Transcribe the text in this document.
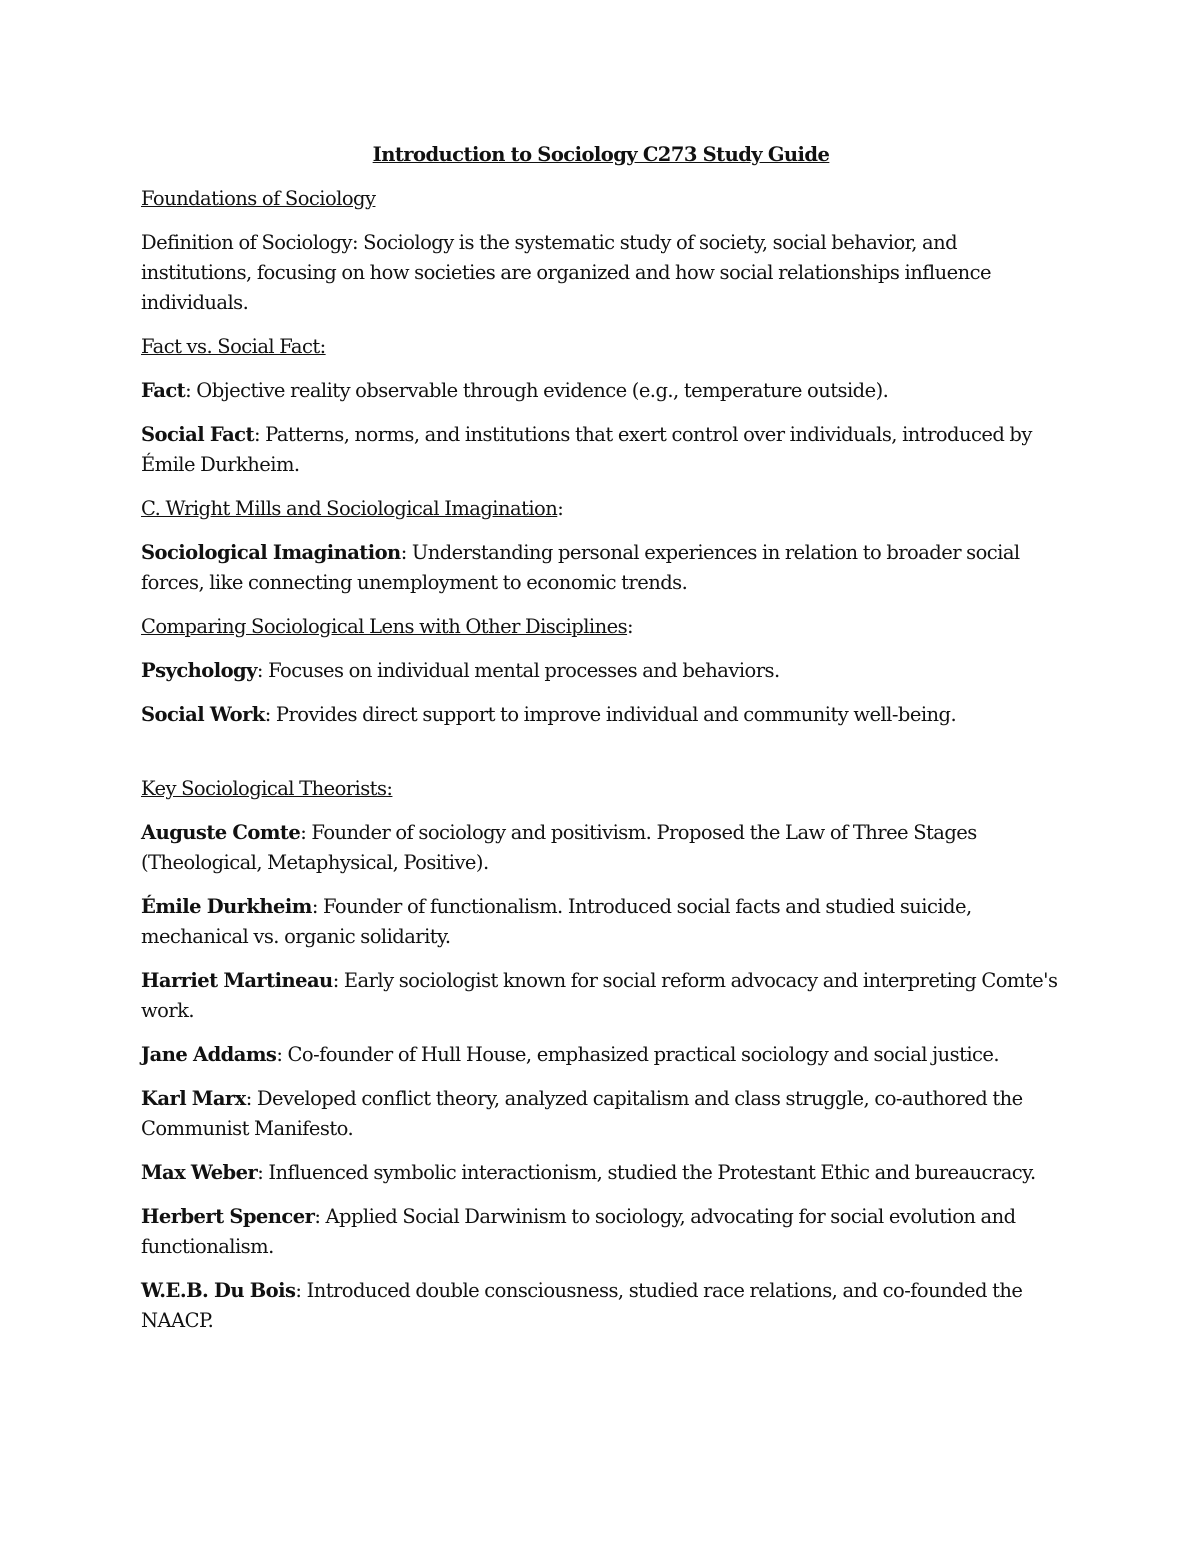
Introduction to Sociology C273 Study Guide
Foundations of Sociology
Definition of Sociology: Sociology is the systematic study of society, social behavior, and institutions, focusing on how societies are organized and how social relationships influence individuals.
Fact vs. Social Fact:
Fact: Objective reality observable through evidence (e.g., temperature outside).
Social Fact: Patterns, norms, and institutions that exert control over individuals, introduced by Émile Durkheim.
C. Wright Mills and Sociological Imagination:
Sociological Imagination: Understanding personal experiences in relation to broader social forces, like connecting unemployment to economic trends.
Comparing Sociological Lens with Other Disciplines:
Psychology: Focuses on individual mental processes and behaviors.
Social Work: Provides direct support to improve individual and community well-being.
Key Sociological Theorists:
Auguste Comte: Founder of sociology and positivism. Proposed the Law of Three Stages (Theological, Metaphysical, Positive).
Émile Durkheim: Founder of functionalism. Introduced social facts and studied suicide, mechanical vs. organic solidarity.
Harriet Martineau: Early sociologist known for social reform advocacy and interpreting Comte's work.
Jane Addams: Co-founder of Hull House, emphasized practical sociology and social justice.
Karl Marx: Developed conflict theory, analyzed capitalism and class struggle, co-authored the Communist Manifesto.
Max Weber: Influenced symbolic interactionism, studied the Protestant Ethic and bureaucracy.
Herbert Spencer: Applied Social Darwinism to sociology, advocating for social evolution and functionalism.
W.E.B. Du Bois: Introduced double consciousness, studied race relations, and co-founded the NAACP.
